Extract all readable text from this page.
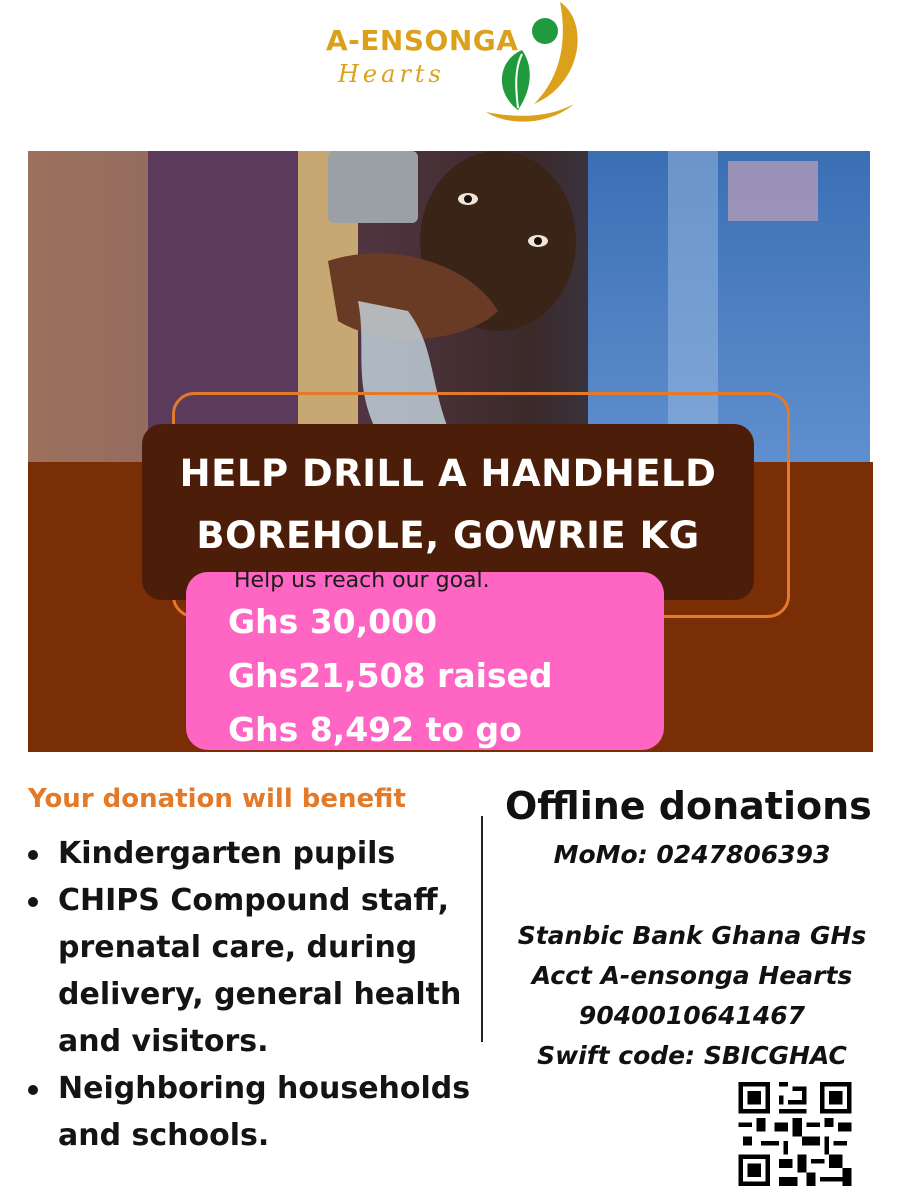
A-ENSONGA
Hearts
HELP DRILL A HANDHELD
BOREHOLE, GOWRIE KG
Help us reach our goal.
Ghs 30,000
Ghs21,508 raised
Ghs 8,492 to go
Your donation will benefit
Kindergarten pupils
CHIPS Compound staff, prenatal care, during delivery, general health and visitors.
Neighboring households and schools.
Offline donations
MoMo: 0247806393
Stanbic Bank Ghana GHs
Acct A-ensonga Hearts
9040010641467
Swift code: SBICGHAC
